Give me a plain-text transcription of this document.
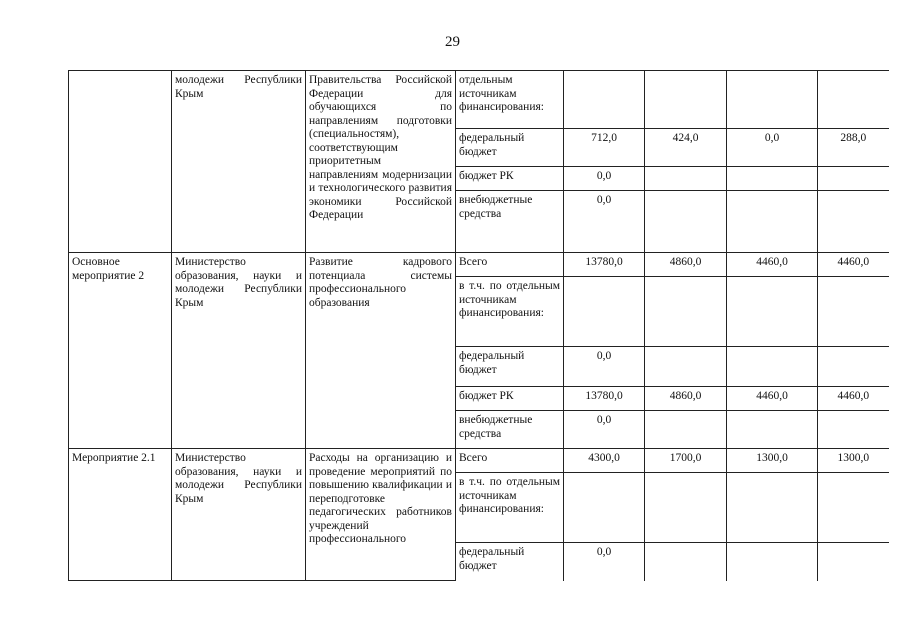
29
	молодежи Республики Крым	Правительства Российской Федерации для обучающихся по направлениям подготовки (специальностям), соответствующим приоритетным направлениям модернизации и технологического развития экономики Российской Федерации	отдельным источникам финансирования:				
			федеральный бюджет	712,0	424,0	0,0	288,0
			бюджет РК	0,0			
			внебюджетные средства	0,0			
Основное мероприятие 2	Министерство образования, науки и молодежи Республики Крым	Развитие кадрового потенциала системы профессионального образования	Всего	13780,0	4860,0	4460,0	4460,0
			в т.ч. по отдельным источникам финансирования:				
			федеральный бюджет	0,0			
			бюджет РК	13780,0	4860,0	4460,0	4460,0
			внебюджетные средства	0,0			
Мероприятие 2.1	Министерство образования, науки и молодежи Республики Крым	Расходы на организацию и проведение мероприятий по повышению квалификации и переподготовке педагогических работников учреждений профессионального	Всего	4300,0	1700,0	1300,0	1300,0
			в т.ч. по отдельным источникам финансирования:				
			федеральный бюджет	0,0			
